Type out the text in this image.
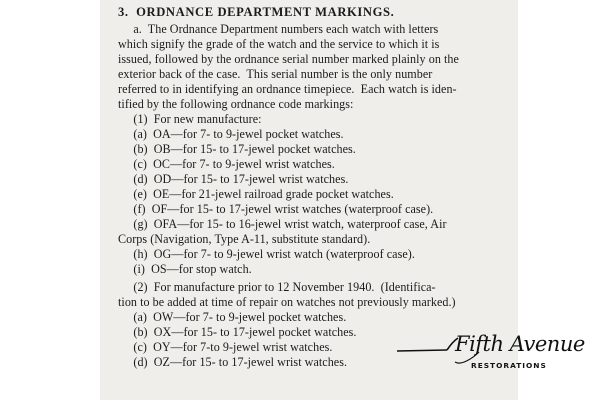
3.  ORDNANCE DEPARTMENT MARKINGS.
a.  The Ordnance Department numbers each watch with letters
which signify the grade of the watch and the service to which it is
issued, followed by the ordnance serial number marked plainly on the
exterior back of the case.  This serial number is the only number
referred to in identifying an ordnance timepiece.  Each watch is iden-
tified by the following ordnance code markings:
(1)  For new manufacture:
(a)  OA—for 7- to 9-jewel pocket watches.
(b)  OB—for 15- to 17-jewel pocket watches.
(c)  OC—for 7- to 9-jewel wrist watches.
(d)  OD—for 15- to 17-jewel wrist watches.
(e)  OE—for 21-jewel railroad grade pocket watches.
(f)  OF—for 15- to 17-jewel wrist watches (waterproof case).
(g)  OFA—for 15- to 16-jewel wrist watch, waterproof case, Air
Corps (Navigation, Type A-11, substitute standard).
(h)  OG—for 7- to 9-jewel wrist watch (waterproof case).
(i)  OS—for stop watch.
(2)  For manufacture prior to 12 November 1940.  (Identifica-
tion to be added at time of repair on watches not previously marked.)
(a)  OW—for 7- to 9-jewel pocket watches.
(b)  OX—for 15- to 17-jewel pocket watches.
(c)  OY—for 7-to 9-jewel wrist watches.
(d)  OZ—for 15- to 17-jewel wrist watches.
Fifth Avenue
RESTORATIONS
